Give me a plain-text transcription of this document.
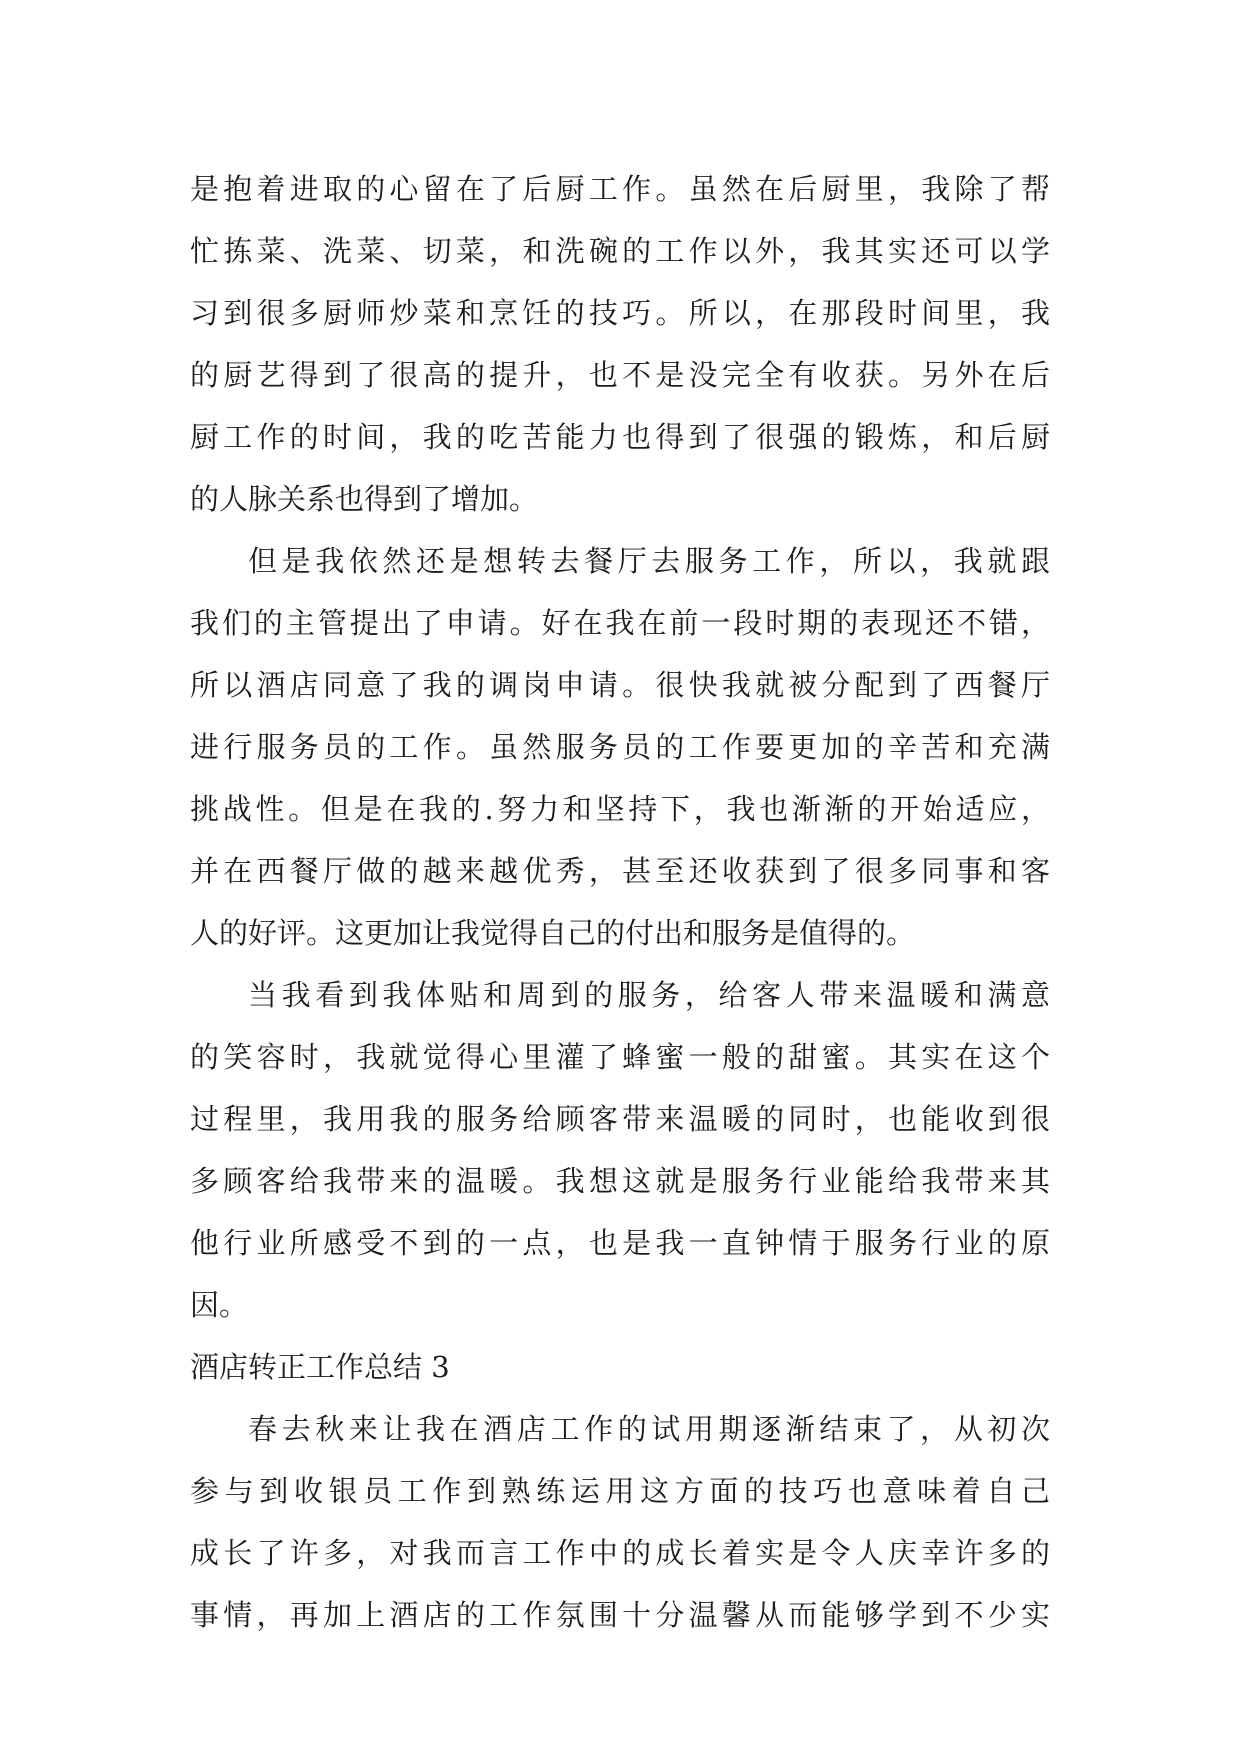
是抱着进取的心留在了后厨工作。虽然在后厨里，我除了帮
忙拣菜、洗菜、切菜，和洗碗的工作以外，我其实还可以学
习到很多厨师炒菜和烹饪的技巧。所以，在那段时间里，我
的厨艺得到了很高的提升，也不是没完全有收获。另外在后
厨工作的时间，我的吃苦能力也得到了很强的锻炼，和后厨
的人脉关系也得到了增加。
但是我依然还是想转去餐厅去服务工作，所以，我就跟
我们的主管提出了申请。好在我在前一段时期的表现还不错，
所以酒店同意了我的调岗申请。很快我就被分配到了西餐厅
进行服务员的工作。虽然服务员的工作要更加的辛苦和充满
挑战性。但是在我的.努力和坚持下，我也渐渐的开始适应，
并在西餐厅做的越来越优秀，甚至还收获到了很多同事和客
人的好评。这更加让我觉得自己的付出和服务是值得的。
当我看到我体贴和周到的服务，给客人带来温暖和满意
的笑容时，我就觉得心里灌了蜂蜜一般的甜蜜。其实在这个
过程里，我用我的服务给顾客带来温暖的同时，也能收到很
多顾客给我带来的温暖。我想这就是服务行业能给我带来其
他行业所感受不到的一点，也是我一直钟情于服务行业的原
因。
酒店转正工作总结 3
春去秋来让我在酒店工作的试用期逐渐结束了，从初次
参与到收银员工作到熟练运用这方面的技巧也意味着自己
成长了许多，对我而言工作中的成长着实是令人庆幸许多的
事情，再加上酒店的工作氛围十分温馨从而能够学到不少实
